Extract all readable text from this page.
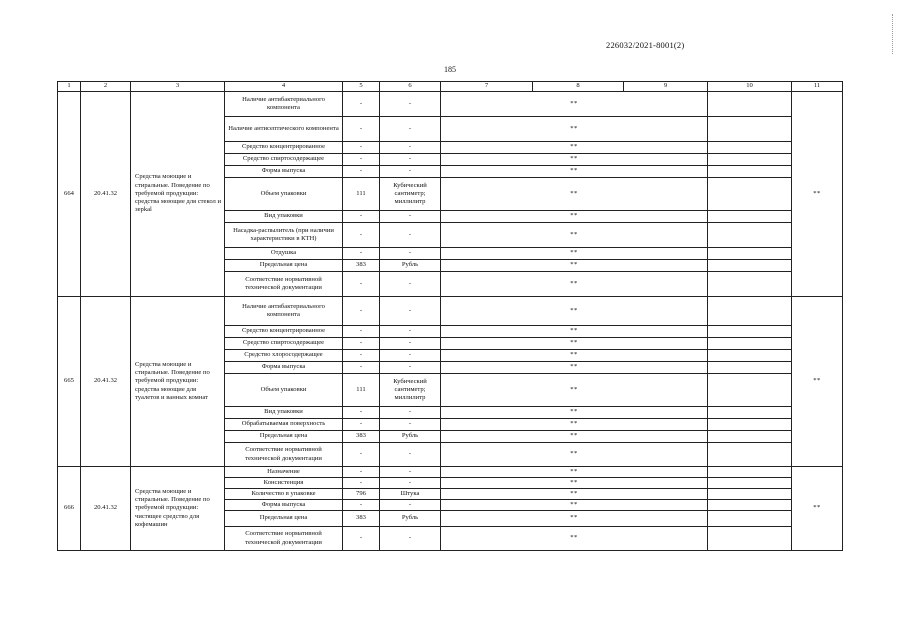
226032/2021-8001(2)
185
1	2	3	4	5	6	7	8	9	10	11
664	20.41.32	Средства моющие и стиральные. Поведение по требуемой продукции: средства моющие для стекол и зерkal	Наличие антибактериального компонента	-	-	**				**
			Наличие антисептического компонента	-	-	**				
			Средство концентрированное	-	-	**				
			Средство спиртосодержащее	-	-	**				
			Форма выпуска	-	-	**				
			Объем упаковки	111	Кубический сантиметр; миллилитр	**				
			Вид упаковки	-	-	**				
			Насадка-распылитель (при наличии характеристики в КТН)	-	-	**				
			Отдушка	-	-	**				
			Предельная цена	383	Рубль	**				
			Соответствие нормативной технической документации	-	-	**				
665	20.41.32	Средства моющие и стиральные. Поведение по требуемой продукции: средства моющие для туалетов и ванных комнат	Наличие антибактериального компонента	-	-	**				**
			Средство концентрированное	-	-	**				
			Средство спиртосодержащее	-	-	**				
			Средство хлоросодержащее	-	-	**				
			Форма выпуска	-	-	**				
			Объем упаковки	111	Кубический сантиметр; миллилитр	**				
			Вид упаковки	-	-	**				
			Обрабатываемая поверхность	-	-	**				
			Предельная цена	383	Рубль	**				
			Соответствие нормативной технической документации	-	-	**				
666	20.41.32	Средства моющие и стиральные. Поведение по требуемой продукции: чистящее средство для кофемашин	Назначение	-	-	**				**
			Консистенция	-	-	**				
			Количество в упаковке	796	Штука	**				
			Форма выпуска	-	-	**				
			Предельная цена	383	Рубль	**				
			Соответствие нормативной технической документации	-	-	**				
